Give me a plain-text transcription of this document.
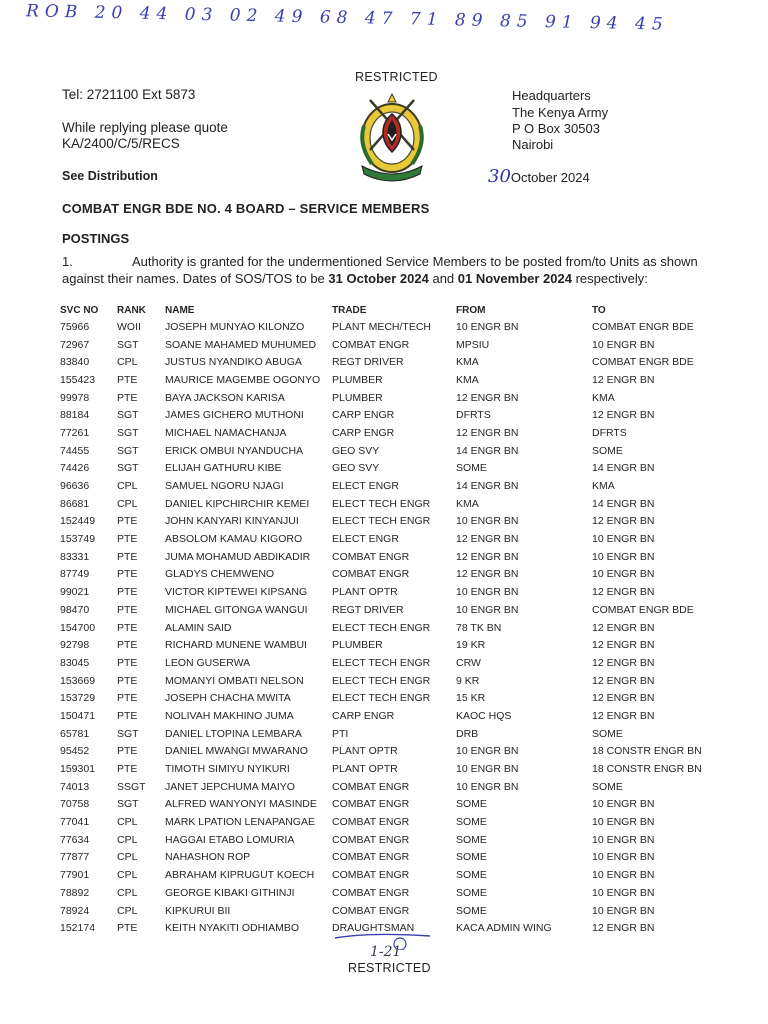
ROB 20 44 03 02 49 68 47 71 89 85 91 94 45
Tel: 2721100 Ext 5873
While replying please quote
KA/2400/C/5/RECS
See Distribution
RESTRICTED
Headquarters
The Kenya Army
P O Box 30503
Nairobi
30October 2024
COMBAT ENGR BDE NO. 4 BOARD – SERVICE MEMBERS
POSTINGS
1.	Authority is granted for the undermentioned Service Members to be posted from/to Units as shown against their names. Dates of SOS/TOS to be 31 October 2024 and 01 November 2024 respectively:
SVC NO	RANK	NAME	TRADE	FROM	TO
75966	WOII	JOSEPH MUNYAO KILONZO	PLANT MECH/TECH	10 ENGR BN	COMBAT ENGR BDE
72967	SGT	SOANE MAHAMED MUHUMED	COMBAT ENGR	MPSIU	10 ENGR BN
83840	CPL	JUSTUS NYANDIKO ABUGA	REGT DRIVER	KMA	COMBAT ENGR BDE
155423	PTE	MAURICE MAGEMBE OGONYO	PLUMBER	KMA	12 ENGR BN
99978	PTE	BAYA JACKSON KARISA	PLUMBER	12 ENGR BN	KMA
88184	SGT	JAMES GICHERO MUTHONI	CARP ENGR	DFRTS	12 ENGR BN
77261	SGT	MICHAEL NAMACHANJA	CARP ENGR	12 ENGR BN	DFRTS
74455	SGT	ERICK OMBUI NYANDUCHA	GEO SVY	14 ENGR BN	SOME
74426	SGT	ELIJAH GATHURU KIBE	GEO SVY	SOME	14 ENGR BN
96636	CPL	SAMUEL NGORU NJAGI	ELECT ENGR	14 ENGR BN	KMA
86681	CPL	DANIEL KIPCHIRCHIR KEMEI	ELECT TECH ENGR	KMA	14 ENGR BN
152449	PTE	JOHN KANYARI KINYANJUI	ELECT TECH ENGR	10 ENGR BN	12 ENGR BN
153749	PTE	ABSOLOM KAMAU KIGORO	ELECT ENGR	12 ENGR BN	10 ENGR BN
83331	PTE	JUMA MOHAMUD ABDIKADIR	COMBAT ENGR	12 ENGR BN	10 ENGR BN
87749	PTE	GLADYS CHEMWENO	COMBAT ENGR	12 ENGR BN	10 ENGR BN
99021	PTE	VICTOR KIPTEWEI KIPSANG	PLANT OPTR	10 ENGR BN	12 ENGR BN
98470	PTE	MICHAEL GITONGA WANGUI	REGT DRIVER	10 ENGR BN	COMBAT ENGR BDE
154700	PTE	ALAMIN SAID	ELECT TECH ENGR	78 TK BN	12 ENGR BN
92798	PTE	RICHARD MUNENE WAMBUI	PLUMBER	19 KR	12 ENGR BN
83045	PTE	LEON GUSERWA	ELECT TECH ENGR	CRW	12 ENGR BN
153669	PTE	MOMANYI OMBATI NELSON	ELECT TECH ENGR	9 KR	12 ENGR BN
153729	PTE	JOSEPH CHACHA MWITA	ELECT TECH ENGR	15 KR	12 ENGR BN
150471	PTE	NOLIVAH MAKHINO JUMA	CARP ENGR	KAOC HQS	12 ENGR BN
65781	SGT	DANIEL LTOPINA LEMBARA	PTI	DRB	SOME
95452	PTE	DANIEL MWANGI MWARANO	PLANT OPTR	10 ENGR BN	18 CONSTR ENGR BN
159301	PTE	TIMOTH SIMIYU NYIKURI	PLANT OPTR	10 ENGR BN	18 CONSTR ENGR BN
74013	SSGT	JANET JEPCHUMA MAIYO	COMBAT ENGR	10 ENGR BN	SOME
70758	SGT	ALFRED WANYONYI MASINDE	COMBAT ENGR	SOME	10 ENGR BN
77041	CPL	MARK LPATION LENAPANGAE	COMBAT ENGR	SOME	10 ENGR BN
77634	CPL	HAGGAI ETABO LOMURIA	COMBAT ENGR	SOME	10 ENGR BN
77877	CPL	NAHASHON ROP	COMBAT ENGR	SOME	10 ENGR BN
77901	CPL	ABRAHAM KIPRUGUT KOECH	COMBAT ENGR	SOME	10 ENGR BN
78892	CPL	GEORGE KIBAKI GITHINJI	COMBAT ENGR	SOME	10 ENGR BN
78924	CPL	KIPKURUI BII	COMBAT ENGR	SOME	10 ENGR BN
152174	PTE	KEITH NYAKITI ODHIAMBO	DRAUGHTSMAN	KACA ADMIN WING	12 ENGR BN
1-21
RESTRICTED
